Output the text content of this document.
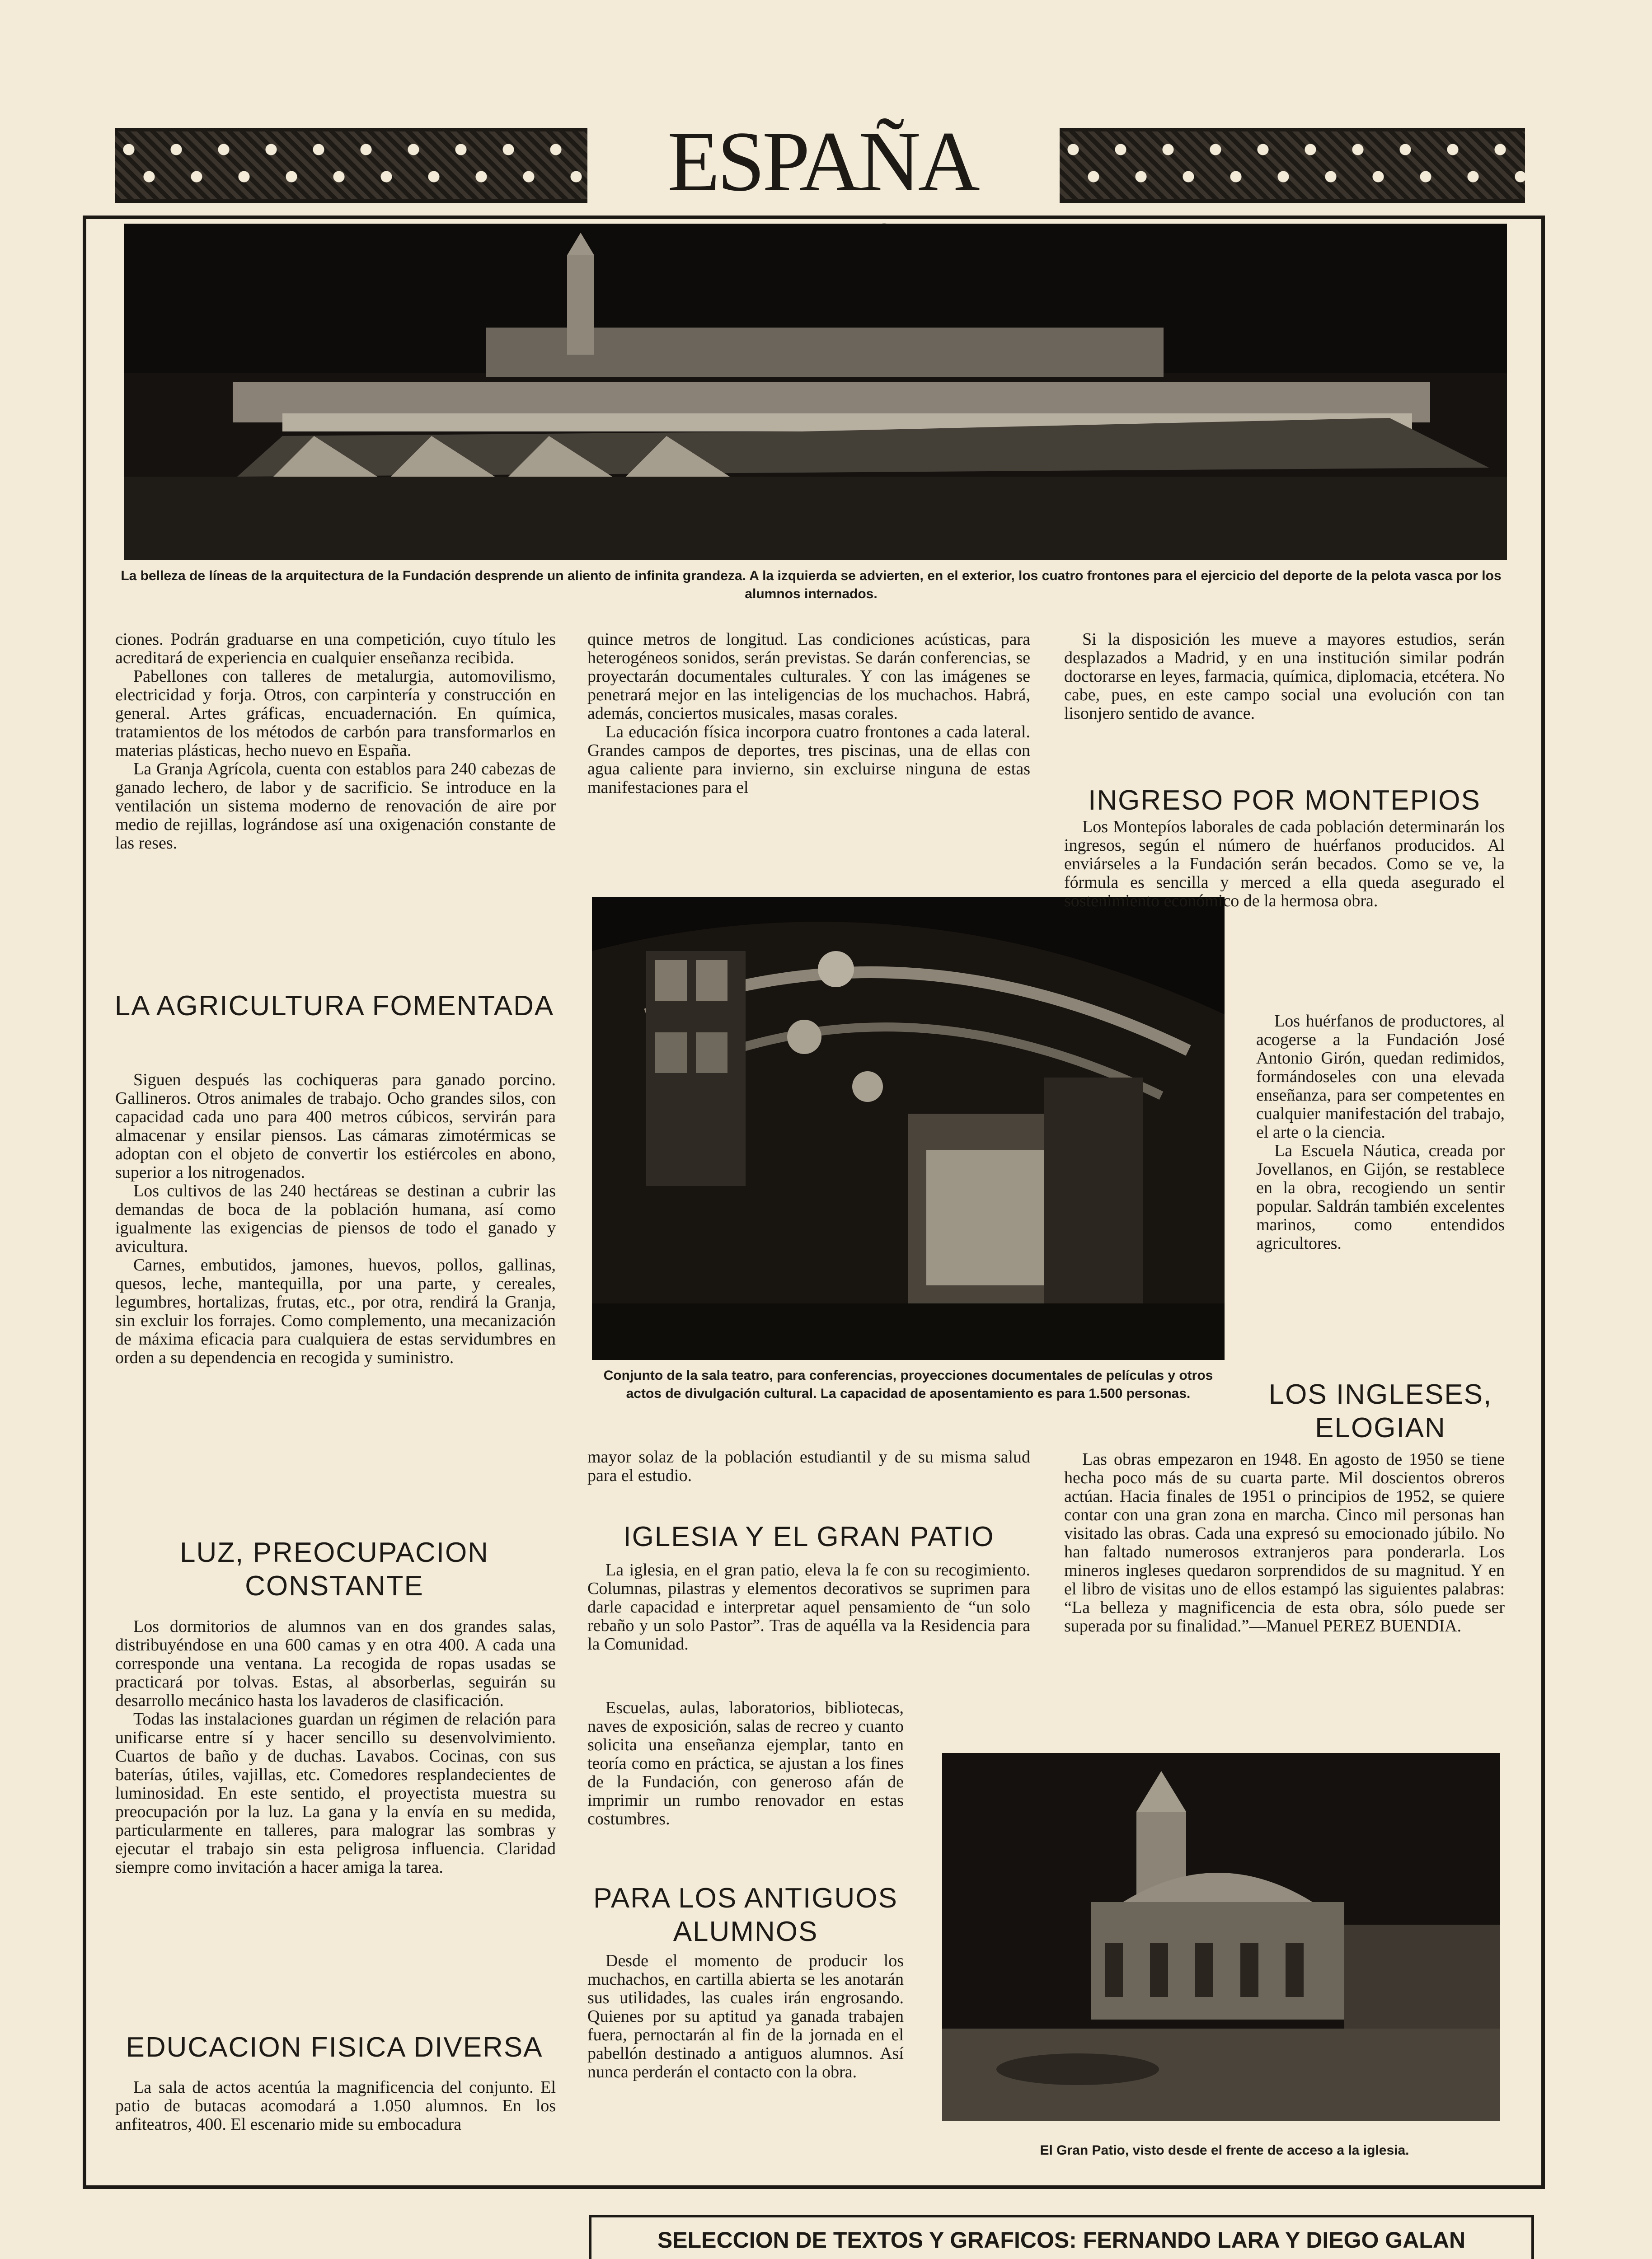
ESPAÑA
La belleza de líneas de la arquitectura de la Fundación desprende un aliento de infinita grandeza. A la izquierda se advierten, en el exterior, los cuatro frontones para el ejercicio del deporte de la pelota vasca por los alumnos internados.

ciones. Podrán graduarse en una competición, cuyo título les acreditará de experiencia en cualquier enseñanza recibida.

Pabellones con talleres de metalurgia, automovilismo, electricidad y forja. Otros, con carpintería y construcción en general. Artes gráficas, encuadernación. En química, tratamientos de los métodos de carbón para transformarlos en materias plásticas, hecho nuevo en España.

La Granja Agrícola, cuenta con establos para 240 cabezas de ganado lechero, de labor y de sacrificio. Se introduce en la ventilación un sistema moderno de renovación de aire por medio de rejillas, lográndose así una oxigenación constante de las reses.

LA AGRICULTURA FOMENTADA

Siguen después las cochiqueras para ganado porcino. Gallineros. Otros animales de trabajo. Ocho grandes silos, con capacidad cada uno para 400 metros cúbicos, servirán para almacenar y ensilar piensos. Las cámaras zimotérmicas se adoptan con el objeto de convertir los estiércoles en abono, superior a los nitrogenados.

Los cultivos de las 240 hectáreas se destinan a cubrir las demandas de boca de la población humana, así como igualmente las exigencias de piensos de todo el ganado y avicultura.

Carnes, embutidos, jamones, huevos, pollos, gallinas, quesos, leche, mantequilla, por una parte, y cereales, legumbres, hortalizas, frutas, etc., por otra, rendirá la Granja, sin excluir los forrajes. Como complemento, una mecanización de máxima eficacia para cualquiera de estas servidumbres en orden a su dependencia en recogida y suministro.

LUZ, PREOCUPACION CONSTANTE

Los dormitorios de alumnos van en dos grandes salas, distribuyéndose en una 600 camas y en otra 400. A cada una corresponde una ventana. La recogida de ropas usadas se practicará por tolvas. Estas, al absorberlas, seguirán su desarrollo mecánico hasta los lavaderos de clasificación.

Todas las instalaciones guardan un régimen de relación para unificarse entre sí y hacer sencillo su desenvolvimiento. Cuartos de baño y de duchas. Lavabos. Cocinas, con sus baterías, útiles, vajillas, etc. Comedores resplandecientes de luminosidad. En este sentido, el proyectista muestra su preocupación por la luz. La gana y la envía en su medida, particularmente en talleres, para malograr las sombras y ejecutar el trabajo sin esta peligrosa influencia. Claridad siempre como invitación a hacer amiga la tarea.

EDUCACION FISICA DIVERSA

La sala de actos acentúa la magnificencia del conjunto. El patio de butacas acomodará a 1.050 alumnos. En los anfiteatros, 400. El escenario mide su embocadura

quince metros de longitud. Las condiciones acústicas, para heterogéneos sonidos, serán previstas. Se darán conferencias, se proyectarán documentales culturales. Y con las imágenes se penetrará mejor en las inteligencias de los muchachos. Habrá, además, conciertos musicales, masas corales.

La educación física incorpora cuatro frontones a cada lateral. Grandes campos de deportes, tres piscinas, una de ellas con agua caliente para invierno, sin excluirse ninguna de estas manifestaciones para el

Conjunto de la sala teatro, para conferencias, proyecciones documentales de películas y otros actos de divulgación cultural. La capacidad de aposentamiento es para 1.500 personas.

mayor solaz de la población estudiantil y de su misma salud para el estudio.

IGLESIA Y EL GRAN PATIO

La iglesia, en el gran patio, eleva la fe con su recogimiento. Columnas, pilastras y elementos decorativos se suprimen para darle capacidad e interpretar aquel pensamiento de “un solo rebaño y un solo Pastor”. Tras de aquélla va la Residencia para la Comunidad.

Escuelas, aulas, laboratorios, bibliotecas, naves de exposición, salas de recreo y cuanto solicita una enseñanza ejemplar, tanto en teoría como en práctica, se ajustan a los fines de la Fundación, con generoso afán de imprimir un rumbo renovador en estas costumbres.

PARA LOS ANTIGUOS ALUMNOS

Desde el momento de producir los muchachos, en cartilla abierta se les anotarán sus utilidades, las cuales irán engrosando. Quienes por su aptitud ya ganada trabajen fuera, pernoctarán al fin de la jornada en el pabellón destinado a antiguos alumnos. Así nunca perderán el contacto con la obra.

El Gran Patio, visto desde el frente de acceso a la iglesia.

Si la disposición les mueve a mayores estudios, serán desplazados a Madrid, y en una institución similar podrán doctorarse en leyes, farmacia, química, diplomacia, etcétera. No cabe, pues, en este campo social una evolución con tan lisonjero sentido de avance.

INGRESO POR MONTEPIOS

Los Montepíos laborales de cada población determinarán los ingresos, según el número de huérfanos producidos. Al enviárseles a la Fundación serán becados. Como se ve, la fórmula es sencilla y merced a ella queda asegurado el sostenimiento económico de la hermosa obra.

Los huérfanos de productores, al acogerse a la Fundación José Antonio Girón, quedan redimidos, formándoseles con una elevada enseñanza, para ser competentes en cualquier manifestación del trabajo, el arte o la ciencia.

La Escuela Náutica, creada por Jovellanos, en Gijón, se restablece en la obra, recogiendo un sentir popular. Saldrán también excelentes marinos, como entendidos agricultores.

LOS INGLESES, ELOGIAN

Las obras empezaron en 1948. En agosto de 1950 se tiene hecha poco más de su cuarta parte. Mil doscientos obreros actúan. Hacia finales de 1951 o principios de 1952, se quiere contar con una gran zona en marcha. Cinco mil personas han visitado las obras. Cada una expresó su emocionado júbilo. No han faltado numerosos extranjeros para ponderarla. Los mineros ingleses quedaron sorprendidos de su magnitud. Y en el libro de visitas uno de ellos estampó las siguientes palabras: “La belleza y magnificencia de esta obra, sólo puede ser superada por su finalidad.”—Manuel PEREZ BUENDIA.

SELECCION DE TEXTOS Y GRAFICOS: FERNANDO LARA Y DIEGO GALAN
